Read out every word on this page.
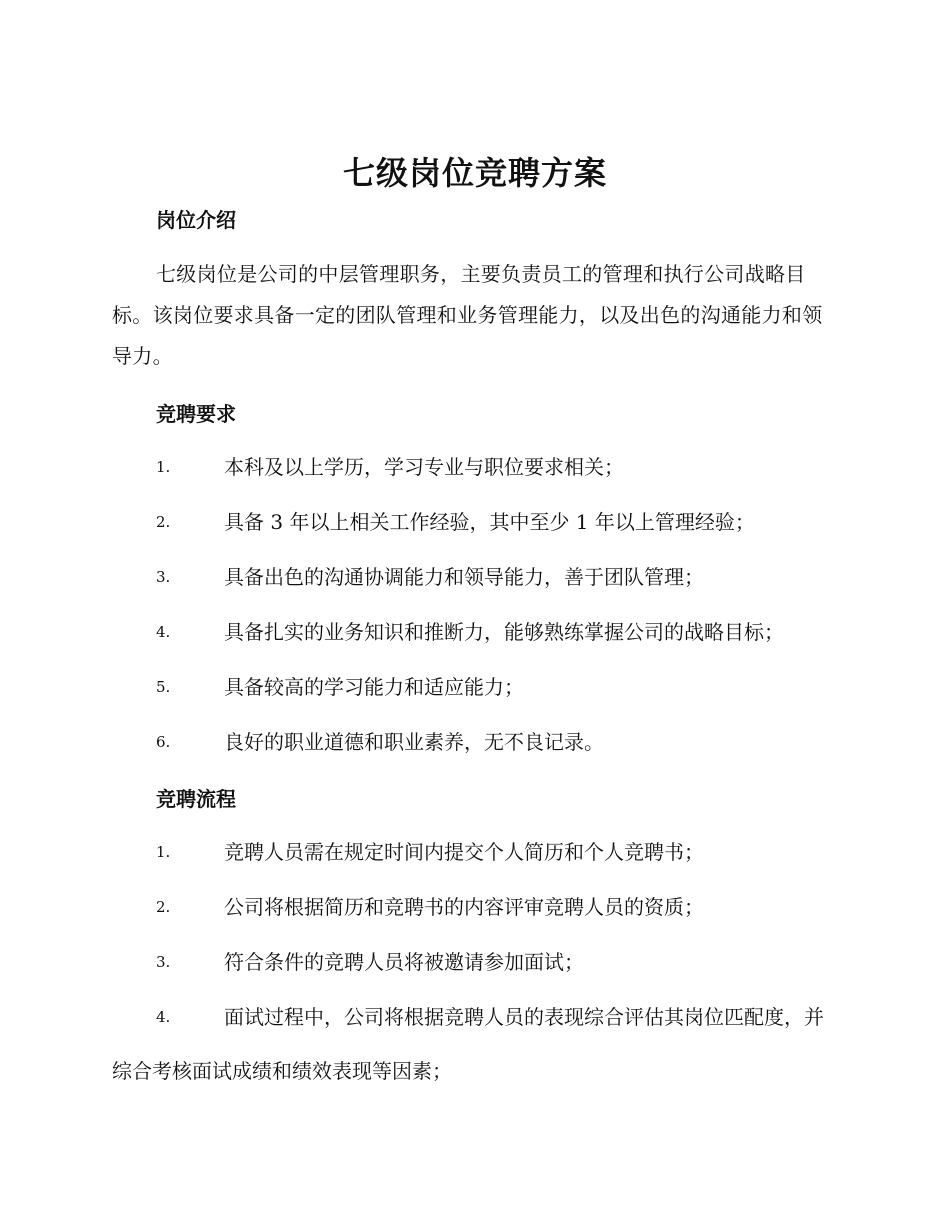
七级岗位竞聘方案
岗位介绍

七级岗位是公司的中层管理职务，主要负责员工的管理和执行公司战略目标。该岗位要求具备一定的团队管理和业务管理能力，以及出色的沟通能力和领导力。

竞聘要求
1.	本科及以上学历，学习专业与职位要求相关；
2.	具备 3 年以上相关工作经验，其中至少 1 年以上管理经验；
3.	具备出色的沟通协调能力和领导能力，善于团队管理；
4.	具备扎实的业务知识和推断力，能够熟练掌握公司的战略目标；
5.	具备较高的学习能力和适应能力；
6.	良好的职业道德和职业素养，无不良记录。
竞聘流程
1.	竞聘人员需在规定时间内提交个人简历和个人竞聘书；
2.	公司将根据简历和竞聘书的内容评审竞聘人员的资质；
3.	符合条件的竞聘人员将被邀请参加面试；
4.	面试过程中，公司将根据竞聘人员的表现综合评估其岗位匹配度，并综合考核面试成绩和绩效表现等因素；
